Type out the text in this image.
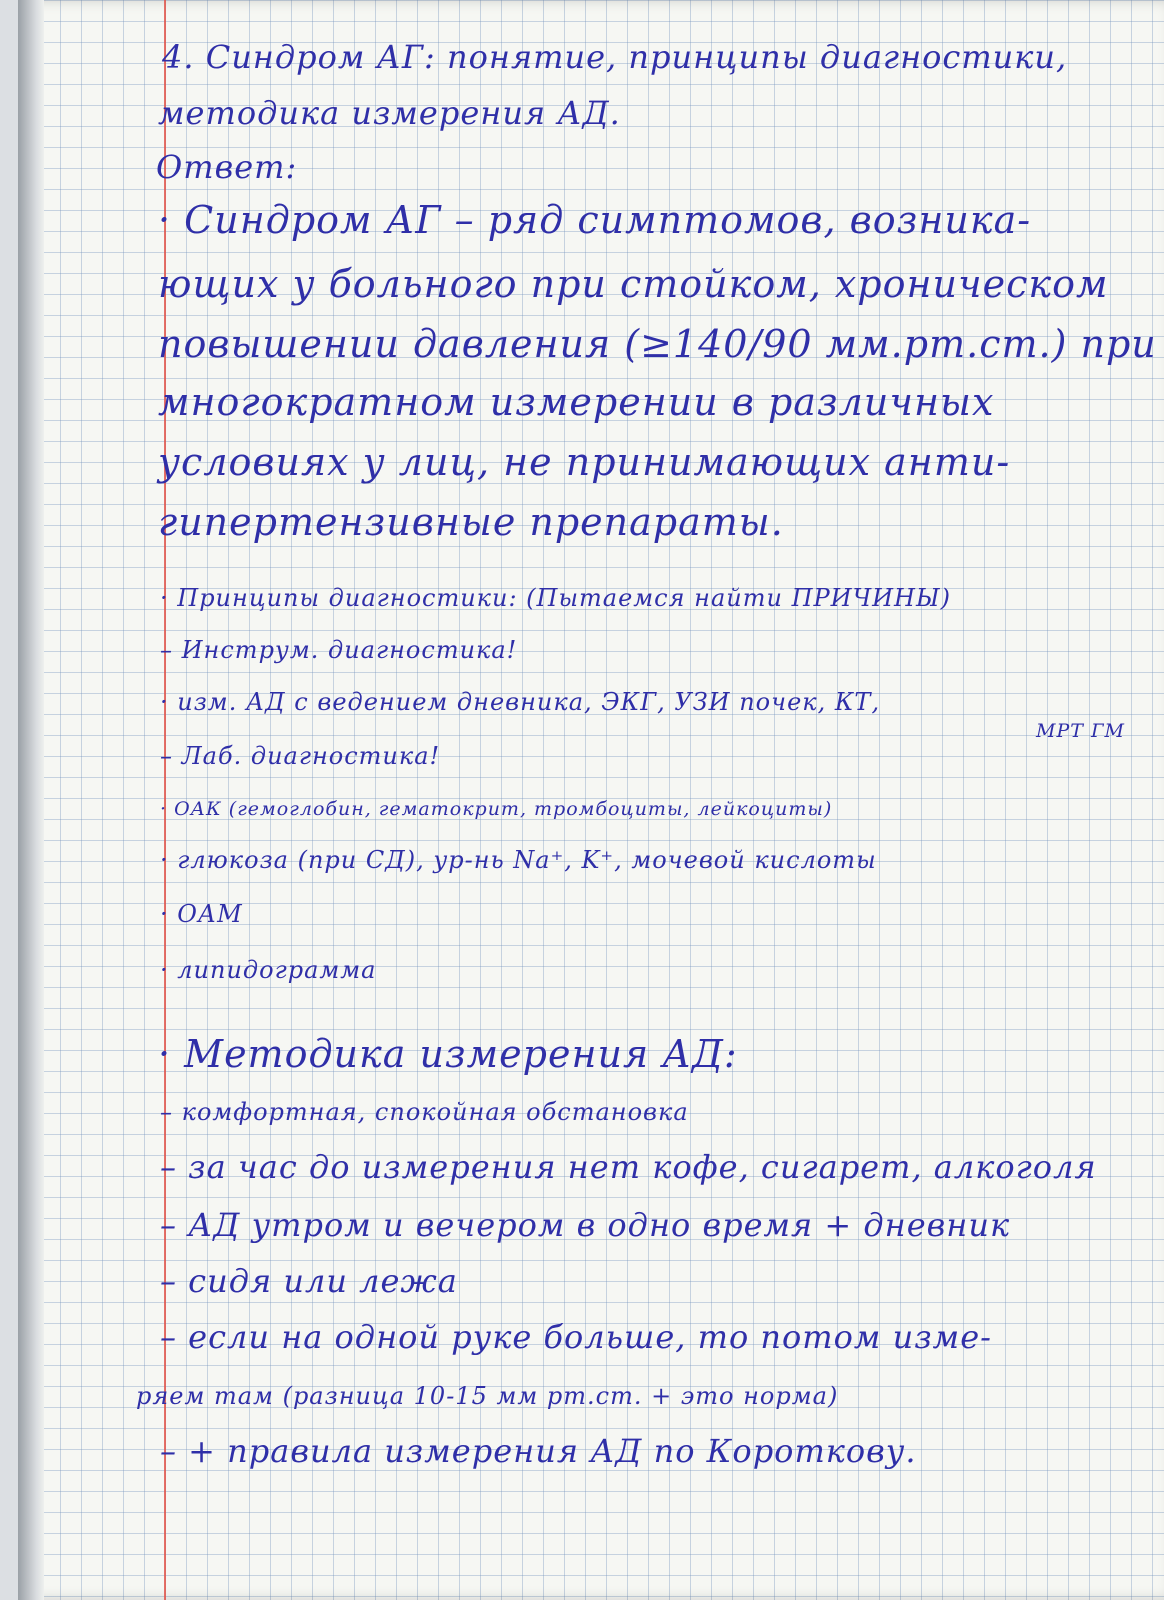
4. Синдром АГ: понятие, принципы диагностики,
методика измерения АД.
Ответ:
· Синдром АГ – ряд симптомов, возника-
ющих у больного при стойком, хроническом
повышении давления (≥140/90 мм.рт.ст.) при
многократном измерении в различных
условиях у лиц, не принимающих анти-
гипертензивные препараты.
· Принципы диагностики: (Пытаемся найти ПРИЧИНЫ)
– Инструм. диагностика!
· изм. АД с ведением дневника, ЭКГ, УЗИ почек, КТ,
МРТ ГМ
– Лаб. диагностика!
· ОАК (гемоглобин, гематокрит, тромбоциты, лейкоциты)
· глюкоза (при СД), ур-нь Na⁺, K⁺, мочевой кислоты
· ОАМ
· липидограмма
· Методика измерения АД:
– комфортная, спокойная обстановка
– за час до измерения нет кофе, сигарет, алкоголя
– АД утром и вечером в одно время + дневник
– сидя или лежа
– если на одной руке больше, то потом изме-
ряем там (разница 10-15 мм рт.ст. + это норма)
– + правила измерения АД по Короткову.
